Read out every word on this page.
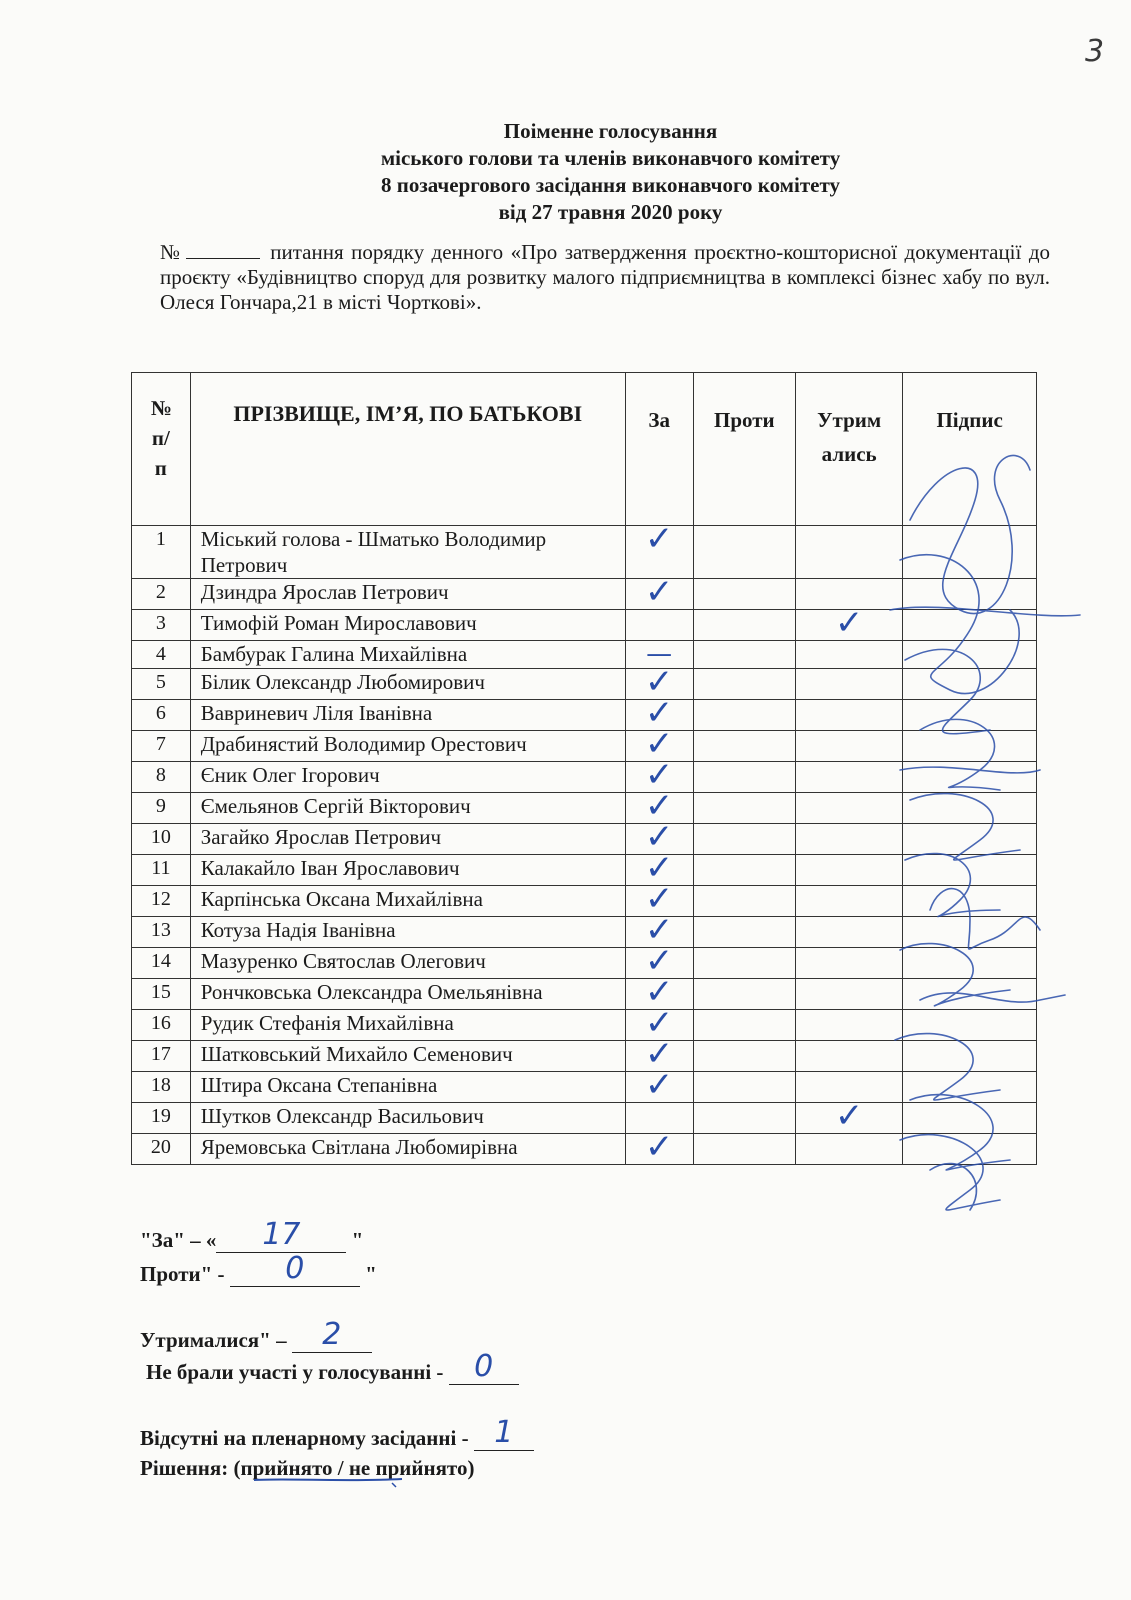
3
Поіменне голосування
міського голови та членів виконавчого комітету
8 позачергового засідання виконавчого комітету
від 27 травня 2020 року
№	питання порядку денного «Про затвердження проєктно-кошторисної документації до проєкту «Будівництво споруд для розвитку малого підприємництва в комплексі бізнес хабу по вул. Олеся Гончара,21 в місті Чорткові».
№ п/ п	ПРІЗВИЩЕ, ІМ’Я, ПО БАТЬКОВІ	За	Проти	Утрим ались	Підпис
1	Міський голова - Шматько Володимир Петрович	✓			
2	Дзиндра Ярослав Петрович	✓			
3	Тимофій Роман Мирославович			✓	
4	Бамбурак Галина Михайлівна	—			
5	Білик Олександр Любомирович	✓			
6	Ваврин​евич Ліля Іванівна	✓			
7	Драбинястий Володимир Орестович	✓			
8	Єник Олег Ігорович	✓			
9	Ємельянов Сергій Вікторович	✓			
10	Загайко Ярослав Петрович	✓			
11	Калакайло Іван Ярославович	✓			
12	Карпінська Оксана Михайлівна	✓			
13	Котуза Надія Іванівна	✓			
14	Мазуренко Святослав Олегович	✓			
15	Рончковська Олександра Омельянівна	✓			
16	Рудик Стефанія Михайлівна	✓			
17	Шатковський Михайло Семенович	✓			
18	Штира Оксана Степанівна	✓			
19	Шутков Олександр Васильович			✓	
20	Яремовська Світлана Любомирівна	✓			
"За" – «	17	"
Проти" -	0	"
Утрималися" –	2
Не брали участі у голосуванні -	0
Відсутні на пленарному засіданні - 1
Рішення: (прийнято / не прийнято)
